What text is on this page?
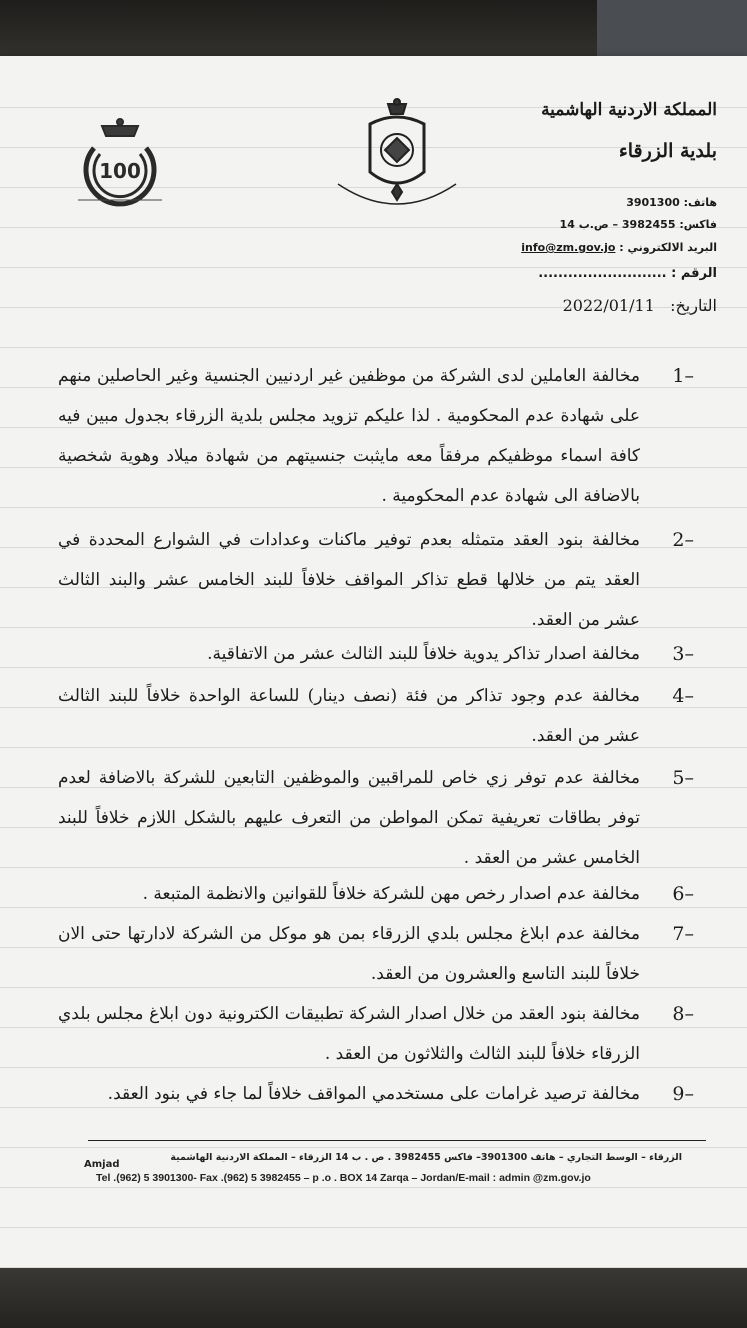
100
المملكة الاردنية الهاشمية
بلدية الزرقاء
هاتف: 3901300
فاكس: 3982455 – ص.ب 14
البريد الالكتروني : info@zm.gov.jo
الرقم : ..........................
التاريخ:   2022/01/11
1–
مخالفة العاملين لدى الشركة من موظفين غير اردنيين الجنسية وغير الحاصلين منهم على شهادة عدم المحكومية . لذا عليكم تزويد مجلس بلدية الزرقاء بجدول مبين فيه كافة اسماء موظفيكم مرفقاً معه مايثبت جنسيتهم من شهادة ميلاد وهوية شخصية بالاضافة الى شهادة عدم المحكومية .
2–
مخالفة بنود العقد متمثله بعدم توفير ماكنات وعدادات في الشوارع المحددة في العقد يتم من خلالها قطع تذاكر المواقف خلافاً للبند الخامس عشر والبند الثالث عشر من العقد.
3–
مخالفة اصدار تذاكر يدوية خلافاً للبند الثالث عشر من الاتفاقية.
4–
مخالفة عدم وجود تذاكر من فئة (نصف دينار) للساعة الواحدة خلافاً للبند الثالث عشر من العقد.
5–
مخالفة عدم توفر زي خاص للمراقبين والموظفين التابعين للشركة بالاضافة لعدم توفر بطاقات تعريفية تمكن المواطن من التعرف عليهم بالشكل اللازم خلافاً للبند الخامس عشر من العقد .
6–
مخالفة عدم اصدار رخص مهن للشركة خلافاً للقوانين والانظمة المتبعة .
7–
مخالفة عدم ابلاغ مجلس بلدي الزرقاء بمن هو موكل من الشركة لادارتها حتى الان خلافاً للبند التاسع والعشرون من العقد.
8–
مخالفة بنود العقد من خلال اصدار الشركة تطبيقات الكترونية دون ابلاغ مجلس بلدي الزرقاء خلافاً للبند الثالث والثلاثون من العقد .
9–
مخالفة ترصيد غرامات على مستخدمي المواقف خلافاً لما جاء في بنود العقد.
الزرقاء – الوسط التجاري – هاتف 3901300– فاكس 3982455 . ص . ب 14 الزرقاء – المملكة الاردنية الهاشمية
Amjad
Tel .(962) 5 3901300- Fax .(962) 5 3982455 – p .o . BOX 14 Zarqa – Jordan/E-mail : admin @zm.gov.jo
